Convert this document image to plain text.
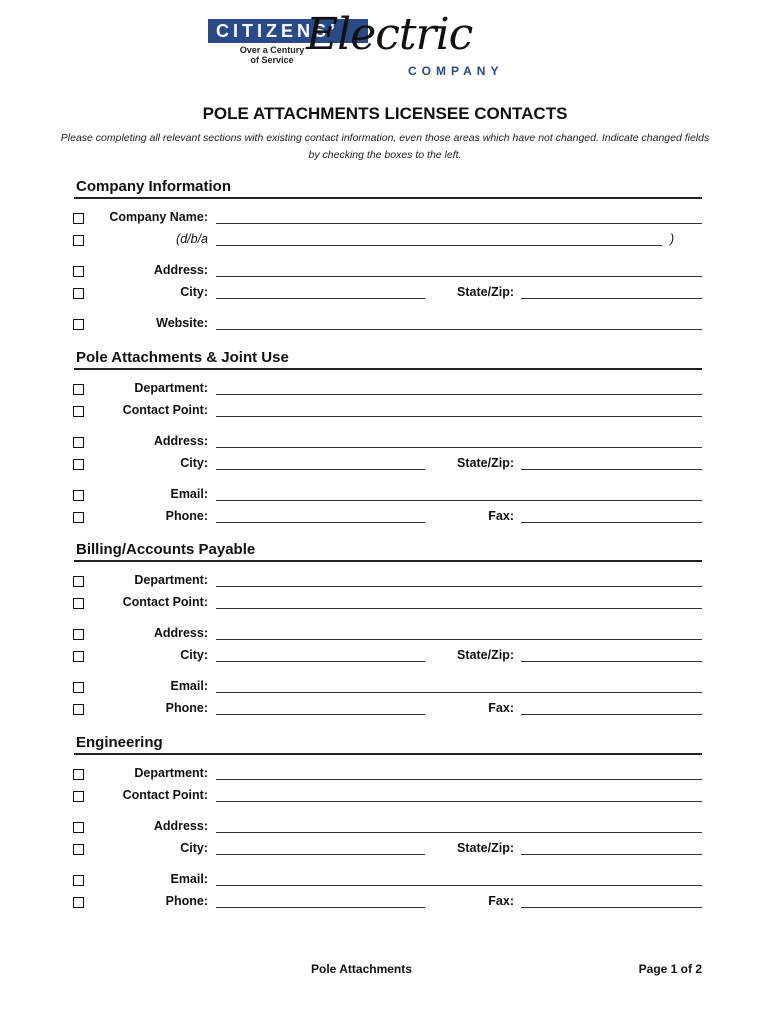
CITIZENS’
Over a Century
of Service Electric
COMPANY
POLE ATTACHMENTS LICENSEE CONTACTS
Please completing all relevant sections with existing contact information, even those areas which have not changed. Indicate changed fields by checking the boxes to the left.
Company Information
Company Name:
(d/b/a	)
Address:
City:	State/Zip:
Website:
Pole Attachments & Joint Use
Department:
Contact Point:
Address:
City:	State/Zip:
Email:
Phone:	Fax:
Billing/Accounts Payable
Department:
Contact Point:
Address:
City:	State/Zip:
Email:
Phone:	Fax:
Engineering
Department:
Contact Point:
Address:
City:	State/Zip:
Email:
Phone:	Fax:
Pole Attachments	Page 1 of 2
